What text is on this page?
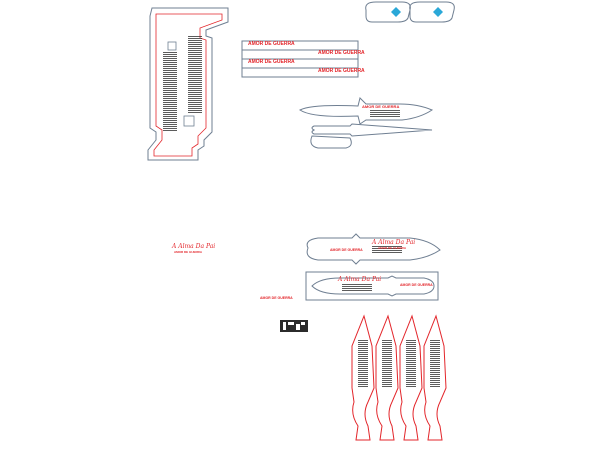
AMOR DE GUERRA
AMOR DE GUERRA
AMOR DE GUERRA
AMOR DE GUERRA
AMOR DE GUERRA
A Alma Da Pai
AMOR DE GUERRA
AMOR DE GUERRA
AMOR DE GUERRA
A Alma Da Pai
AMOR DE GUERRA
A Alma Da Pai
AMOR DE GUERRA
